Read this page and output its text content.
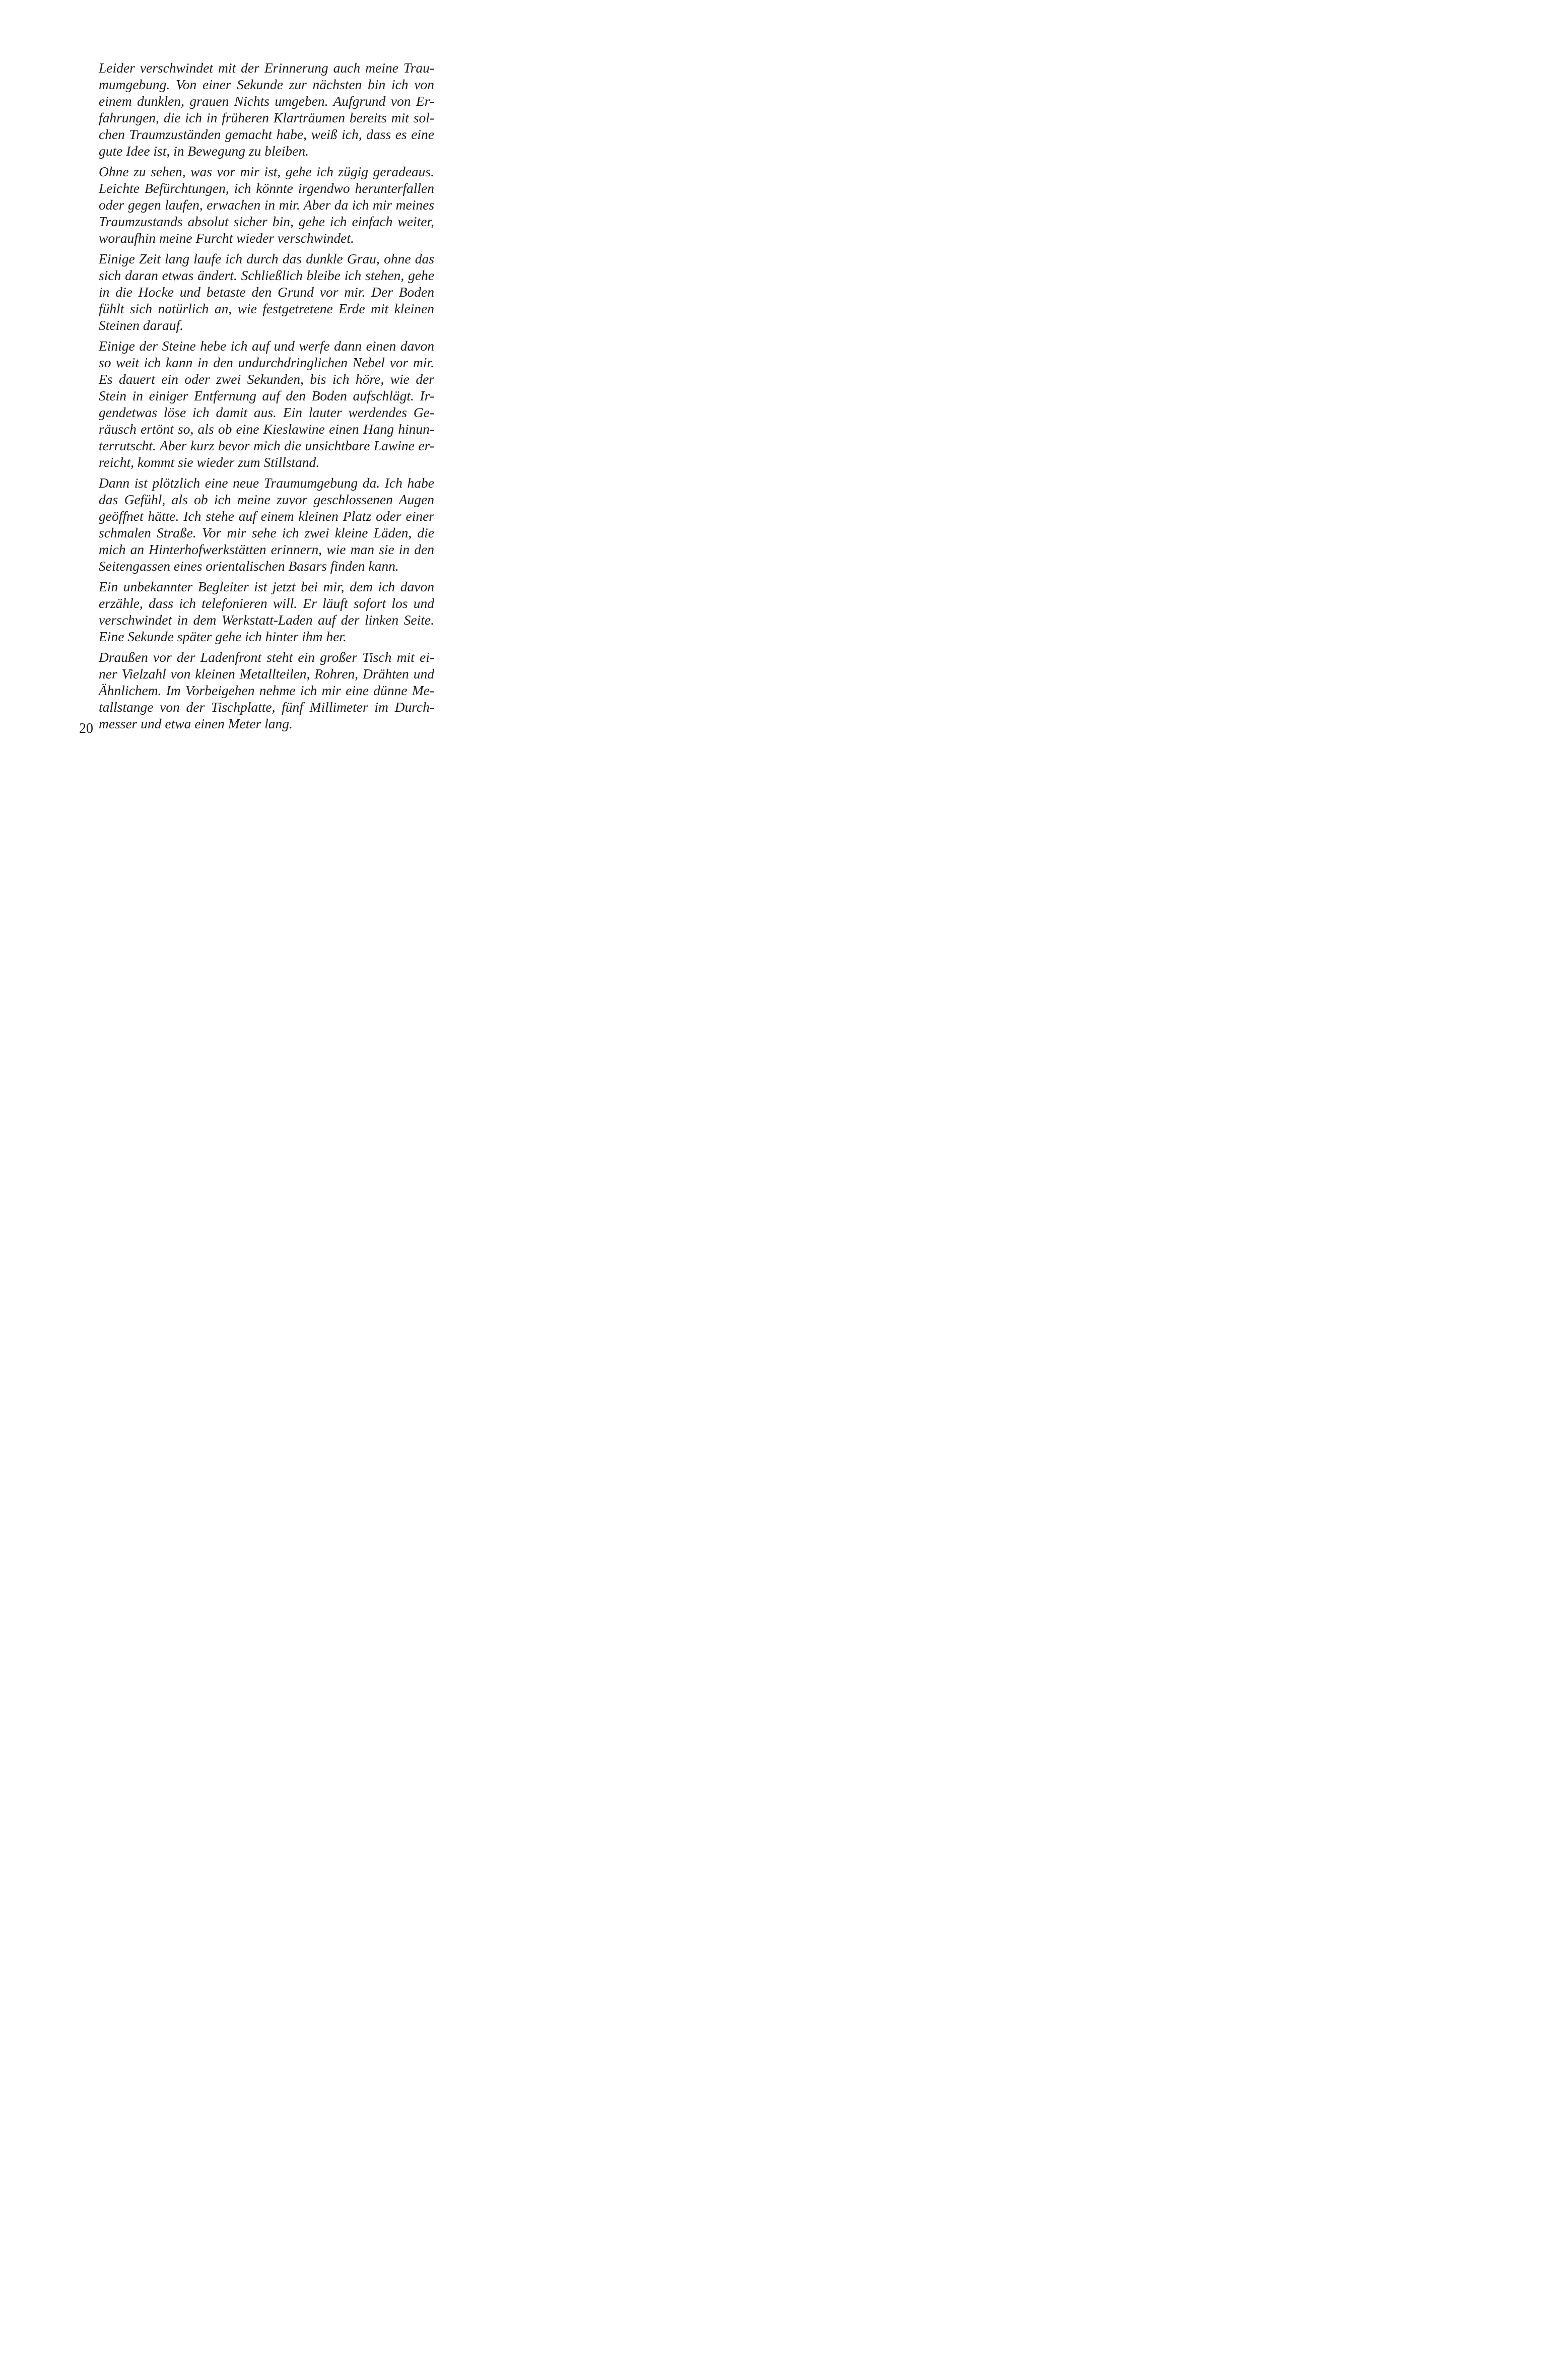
Leider verschwindet mit der Erinnerung auch meine Trau-
mumgebung. Von einer Sekunde zur nächsten bin ich von
einem dunklen, grauen Nichts umgeben. Aufgrund von Er-
fahrungen, die ich in früheren Klarträumen bereits mit sol-
chen Traumzuständen gemacht habe, weiß ich, dass es eine
gute Idee ist, in Bewegung zu bleiben.

Ohne zu sehen, was vor mir ist, gehe ich zügig geradeaus.
Leichte Befürchtungen, ich könnte irgendwo herunterfallen
oder gegen laufen, erwachen in mir. Aber da ich mir meines
Traumzustands absolut sicher bin, gehe ich einfach weiter,
woraufhin meine Furcht wieder verschwindet.

Einige Zeit lang laufe ich durch das dunkle Grau, ohne das
sich daran etwas ändert. Schließlich bleibe ich stehen, gehe
in die Hocke und betaste den Grund vor mir. Der Boden
fühlt sich natürlich an, wie festgetretene Erde mit kleinen
Steinen darauf.

Einige der Steine hebe ich auf und werfe dann einen davon
so weit ich kann in den undurchdringlichen Nebel vor mir.
Es dauert ein oder zwei Sekunden, bis ich höre, wie der
Stein in einiger Entfernung auf den Boden aufschlägt. Ir-
gendetwas löse ich damit aus. Ein lauter werdendes Ge-
räusch ertönt so, als ob eine Kieslawine einen Hang hinun-
terrutscht. Aber kurz bevor mich die unsichtbare Lawine er-
reicht, kommt sie wieder zum Stillstand.

Dann ist plötzlich eine neue Traumumgebung da. Ich habe
das Gefühl, als ob ich meine zuvor geschlossenen Augen
geöffnet hätte. Ich stehe auf einem kleinen Platz oder einer
schmalen Straße. Vor mir sehe ich zwei kleine Läden, die
mich an Hinterhofwerkstätten erinnern, wie man sie in den
Seitengassen eines orientalischen Basars finden kann.

Ein unbekannter Begleiter ist jetzt bei mir, dem ich davon
erzähle, dass ich telefonieren will. Er läuft sofort los und
verschwindet in dem Werkstatt-Laden auf der linken Seite.
Eine Sekunde später gehe ich hinter ihm her.

Draußen vor der Ladenfront steht ein großer Tisch mit ei-
ner Vielzahl von kleinen Metallteilen, Rohren, Drähten und
Ähnlichem. Im Vorbeigehen nehme ich mir eine dünne Me-
tallstange von der Tischplatte, fünf Millimeter im Durch-
messer und etwa einen Meter lang.

20
